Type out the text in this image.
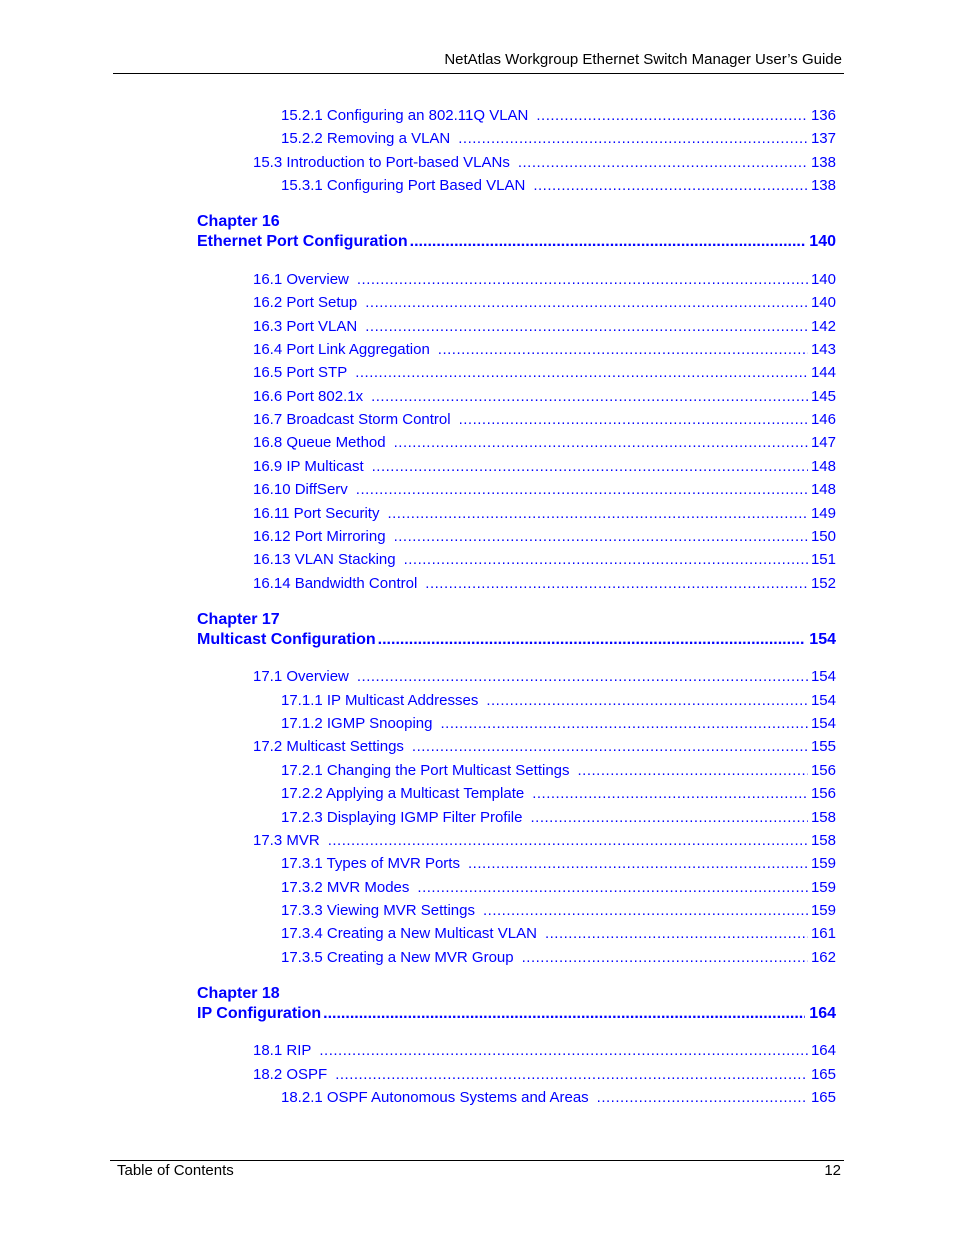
NetAtlas Workgroup Ethernet Switch Manager User’s Guide
15.2.1 Configuring an 802.11Q VLAN .....	136
15.2.2 Removing a VLAN .....	137
15.3 Introduction to Port-based VLANs .....	138
15.3.1 Configuring Port Based VLAN .....	138
Chapter 16
Ethernet Port Configuration .....	140
16.1 Overview .....	140
16.2 Port Setup .....	140
16.3 Port VLAN .....	142
16.4 Port Link Aggregation .....	143
16.5 Port STP .....	144
16.6 Port 802.1x .....	145
16.7 Broadcast Storm Control .....	146
16.8 Queue Method .....	147
16.9 IP Multicast .....	148
16.10 DiffServ .....	148
16.11 Port Security .....	149
16.12 Port Mirroring .....	150
16.13 VLAN Stacking .....	151
16.14 Bandwidth Control .....	152
Chapter 17
Multicast Configuration .....	154
17.1 Overview .....	154
17.1.1 IP Multicast Addresses .....	154
17.1.2 IGMP Snooping .....	154
17.2 Multicast Settings .....	155
17.2.1 Changing the Port Multicast Settings .....	156
17.2.2 Applying a Multicast Template .....	156
17.2.3 Displaying IGMP Filter Profile .....	158
17.3 MVR .....	158
17.3.1 Types of MVR Ports .....	159
17.3.2 MVR Modes .....	159
17.3.3 Viewing MVR Settings .....	159
17.3.4 Creating a New Multicast VLAN .....	161
17.3.5 Creating a New MVR Group .....	162
Chapter 18
IP Configuration .....	164
18.1 RIP .....	164
18.2 OSPF .....	165
18.2.1 OSPF Autonomous Systems and Areas .....	165
Table of Contents	12
